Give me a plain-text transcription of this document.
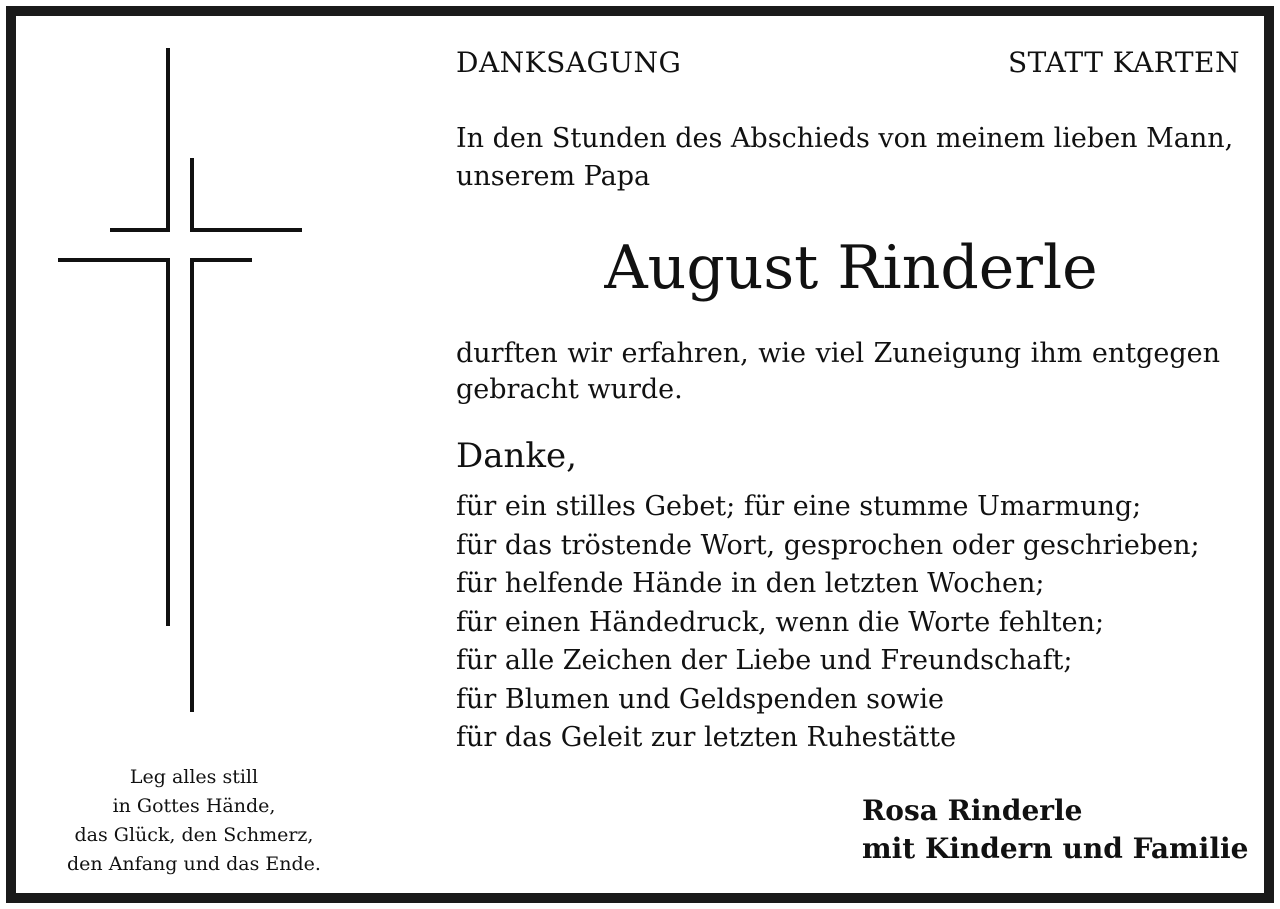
Leg alles still
in Gottes Hände,
das Glück, den Schmerz,
den Anfang und das Ende.
DANKSAGUNG	STATT KARTEN
In den Stunden des Abschieds von meinem lieben Mann,
unserem Papa
August Rinderle
durften wir erfahren, wie viel Zuneigung ihm entgegen
gebracht wurde.
Danke,
für ein stilles Gebet; für eine stumme Umarmung;
für das tröstende Wort, gesprochen oder geschrieben;
für helfende Hände in den letzten Wochen;
für einen Händedruck, wenn die Worte fehlten;
für alle Zeichen der Liebe und Freundschaft;
für Blumen und Geldspenden sowie
für das Geleit zur letzten Ruhestätte
Rosa Rinderle
mit Kindern und Familie
